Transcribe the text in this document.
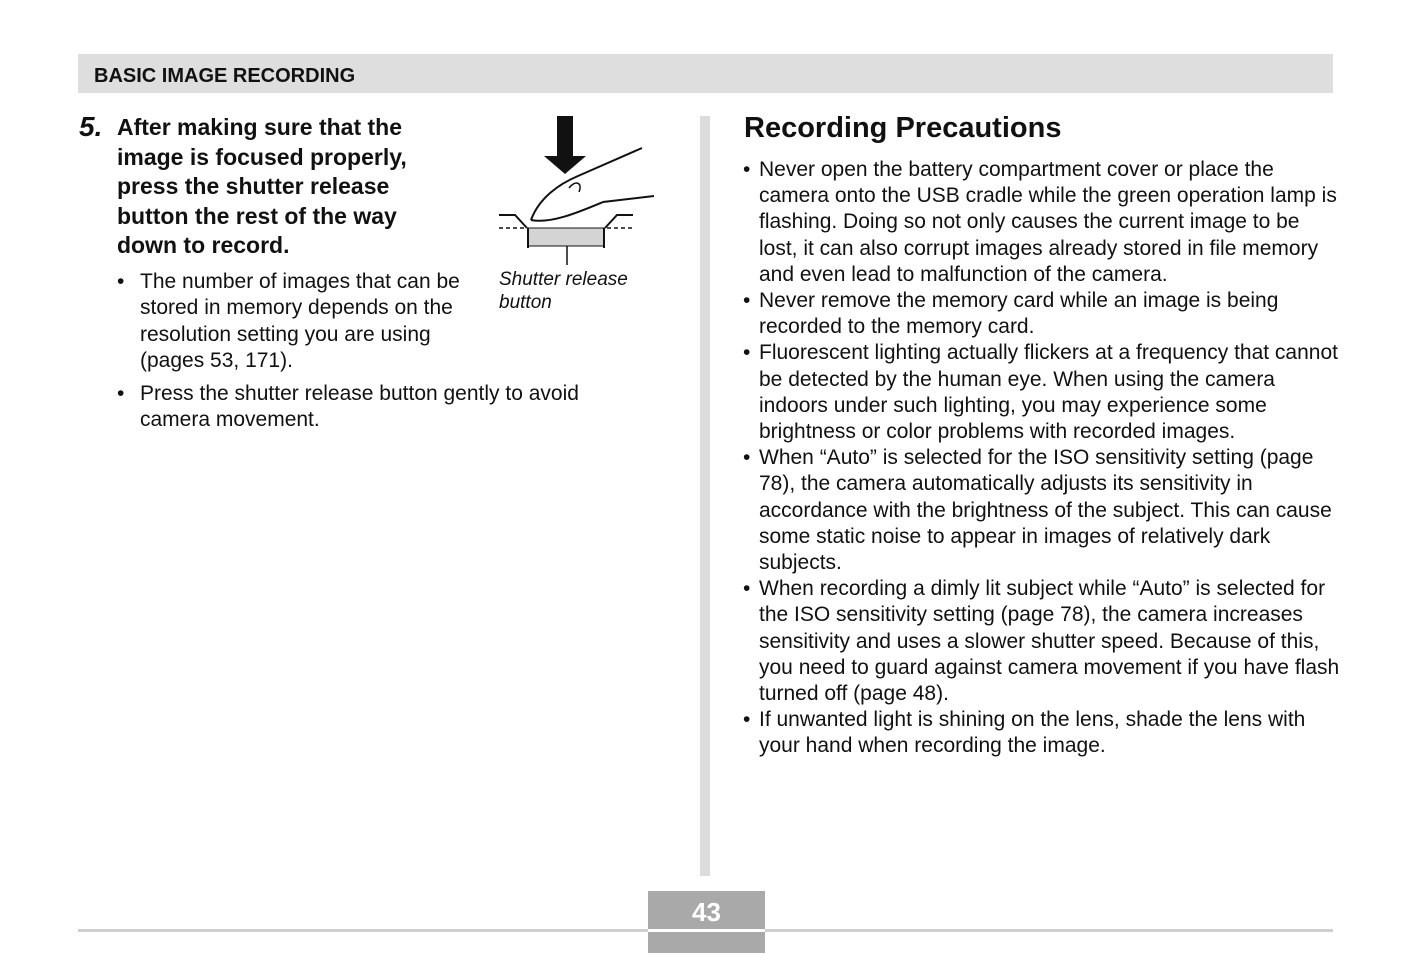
BASIC IMAGE RECORDING
5. After making sure that the image is focused properly, press the shutter release button the rest of the way down to record.
• The number of images that can be stored in memory depends on the resolution setting you are using (pages 53, 171).
• Press the shutter release button gently to avoid camera movement.
Shutter release button
Recording Precautions
• Never open the battery compartment cover or place the camera onto the USB cradle while the green operation lamp is flashing. Doing so not only causes the current image to be lost, it can also corrupt images already stored in file memory and even lead to malfunction of the camera.
• Never remove the memory card while an image is being recorded to the memory card.
• Fluorescent lighting actually flickers at a frequency that cannot be detected by the human eye. When using the camera indoors under such lighting, you may experience some brightness or color problems with recorded images.
• When “Auto” is selected for the ISO sensitivity setting (page 78), the camera automatically adjusts its sensitivity in accordance with the brightness of the subject. This can cause some static noise to appear in images of relatively dark subjects.
• When recording a dimly lit subject while “Auto” is selected for the ISO sensitivity setting (page 78), the camera increases sensitivity and uses a slower shutter speed. Because of this, you need to guard against camera movement if you have flash turned off (page 48).
• If unwanted light is shining on the lens, shade the lens with your hand when recording the image.
43
